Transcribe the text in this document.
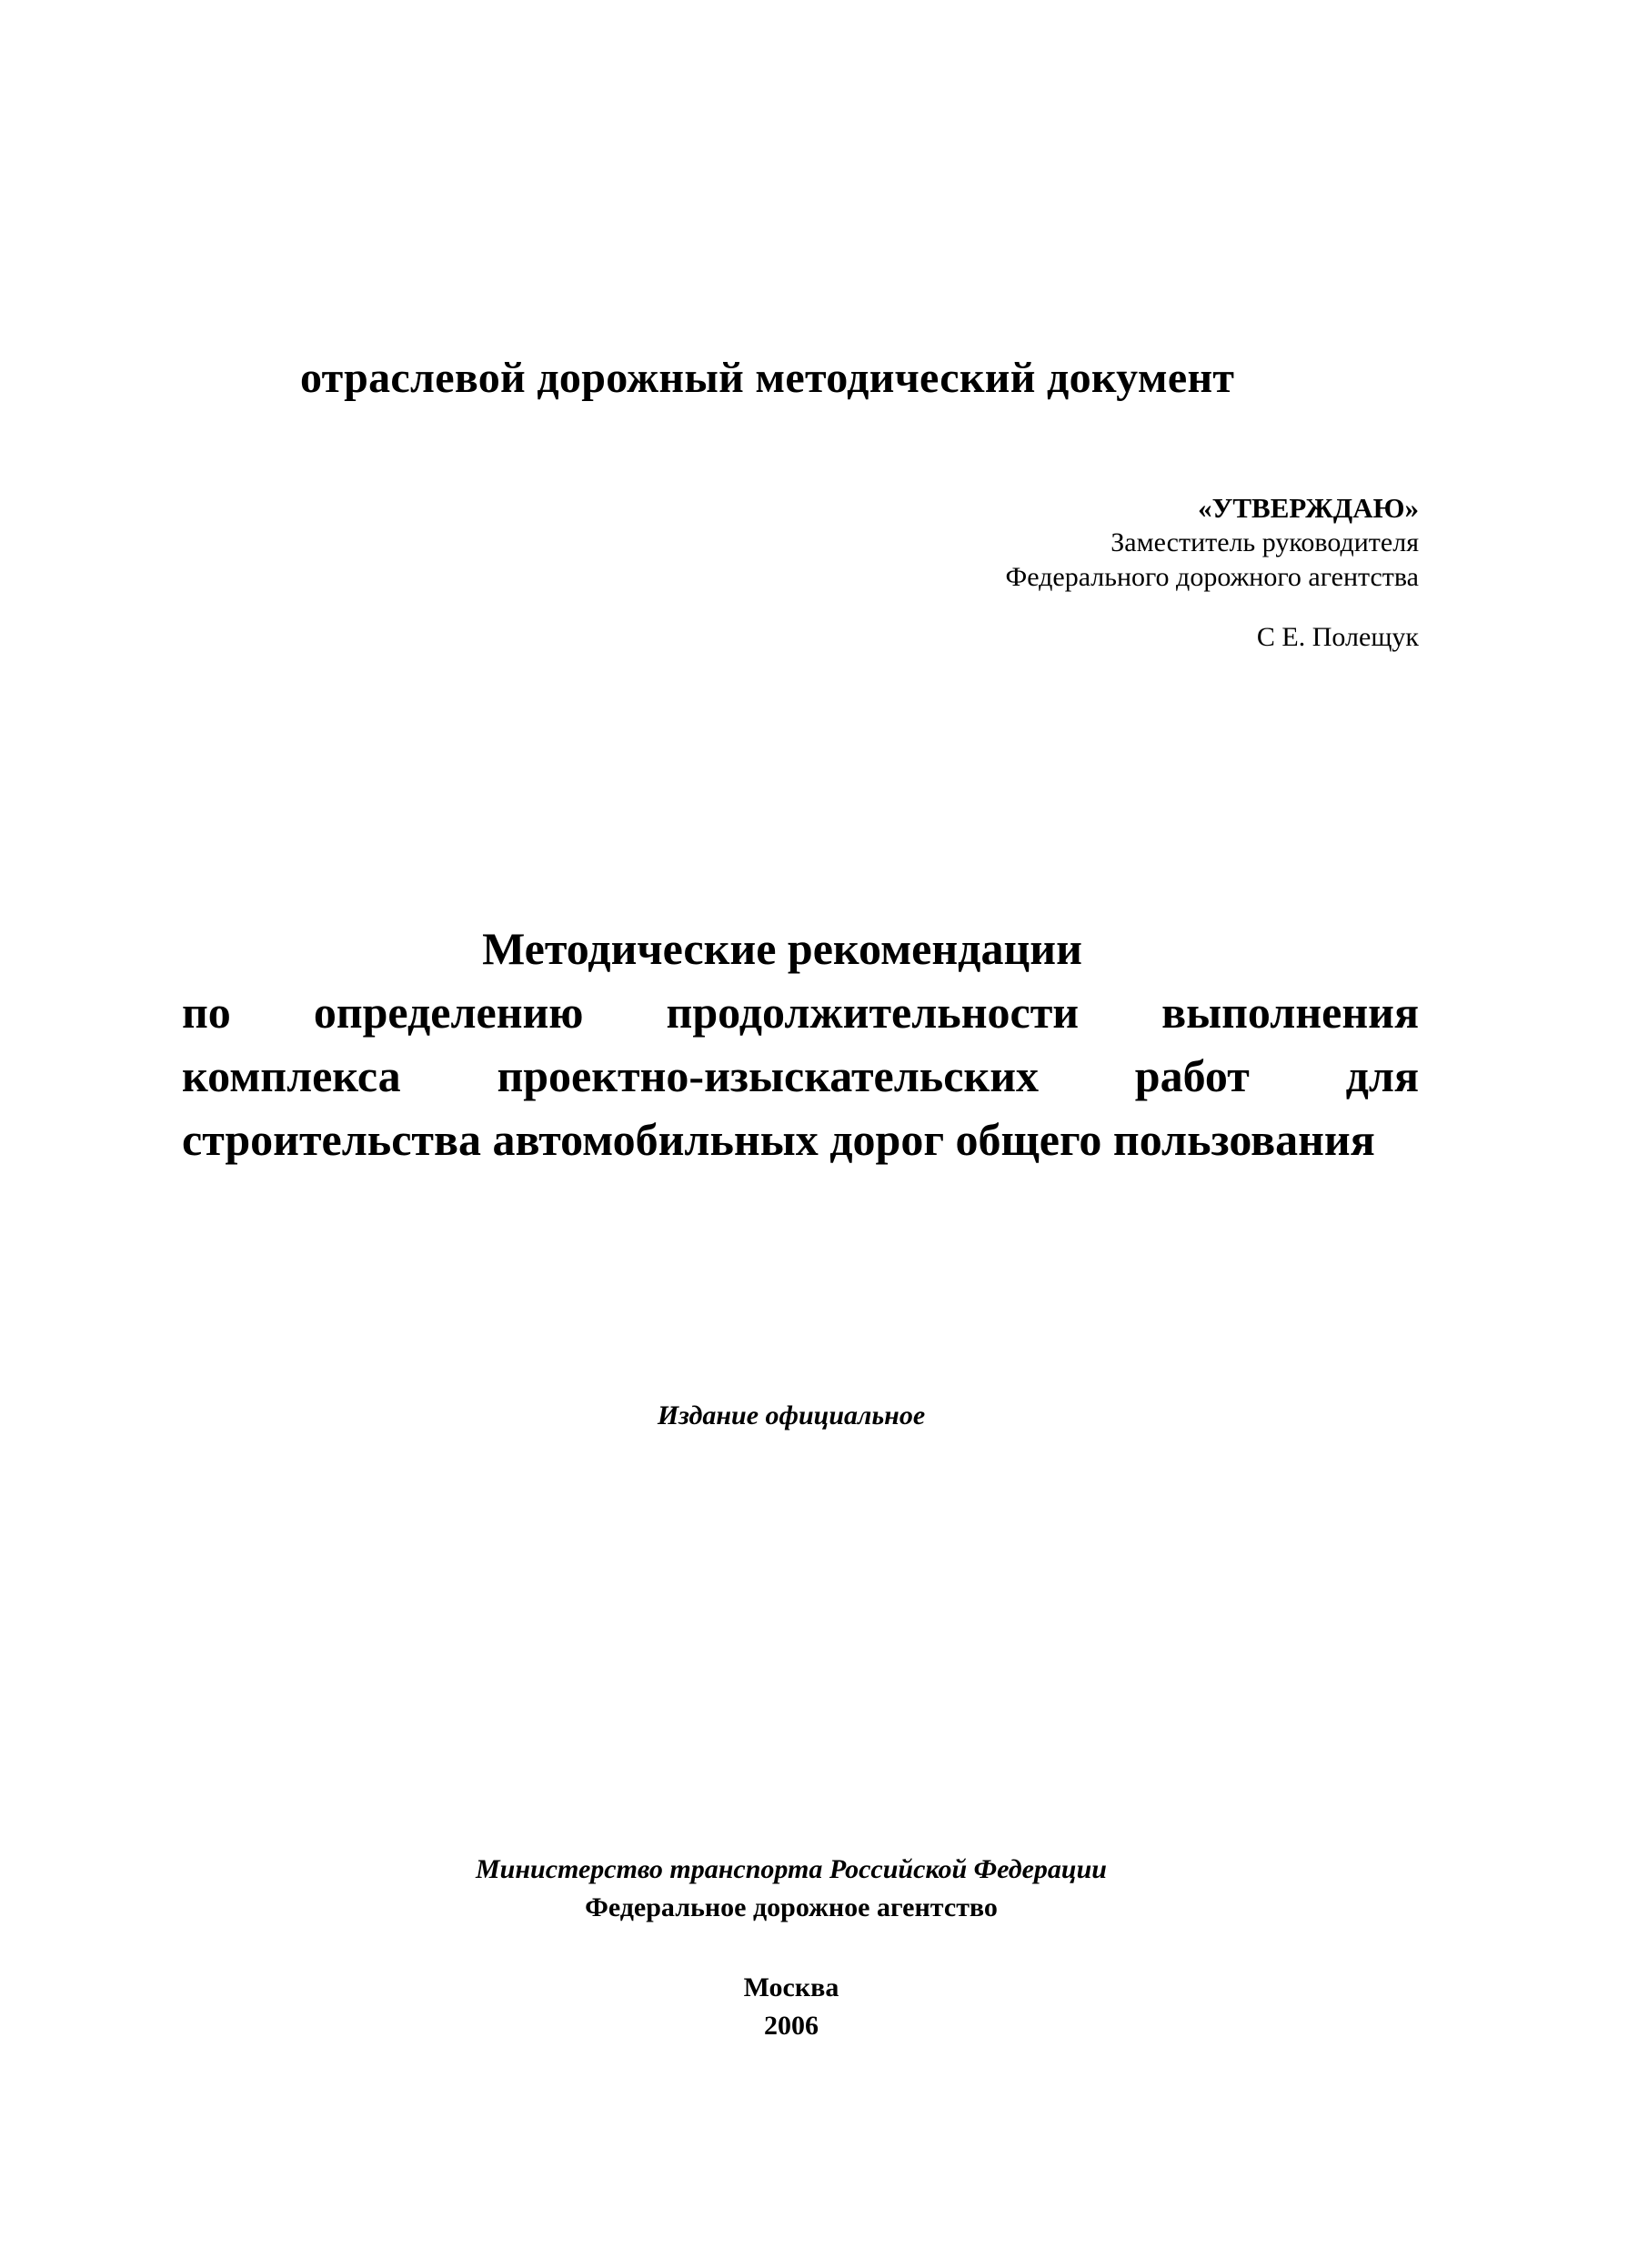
отраслевой дорожный методический документ
«УТВЕРЖДАЮ»
Заместитель руководителя
Федерального дорожного агентства
С Е. Полещук
Методические рекомендации
по определению продолжительности выполнения
комплекса проектно-изыскательских работ для
строительства автомобильных дорог общего пользования
Издание официальное
Министерство транспорта Российской Федерации
Федеральное дорожное агентство
Москва
2006
